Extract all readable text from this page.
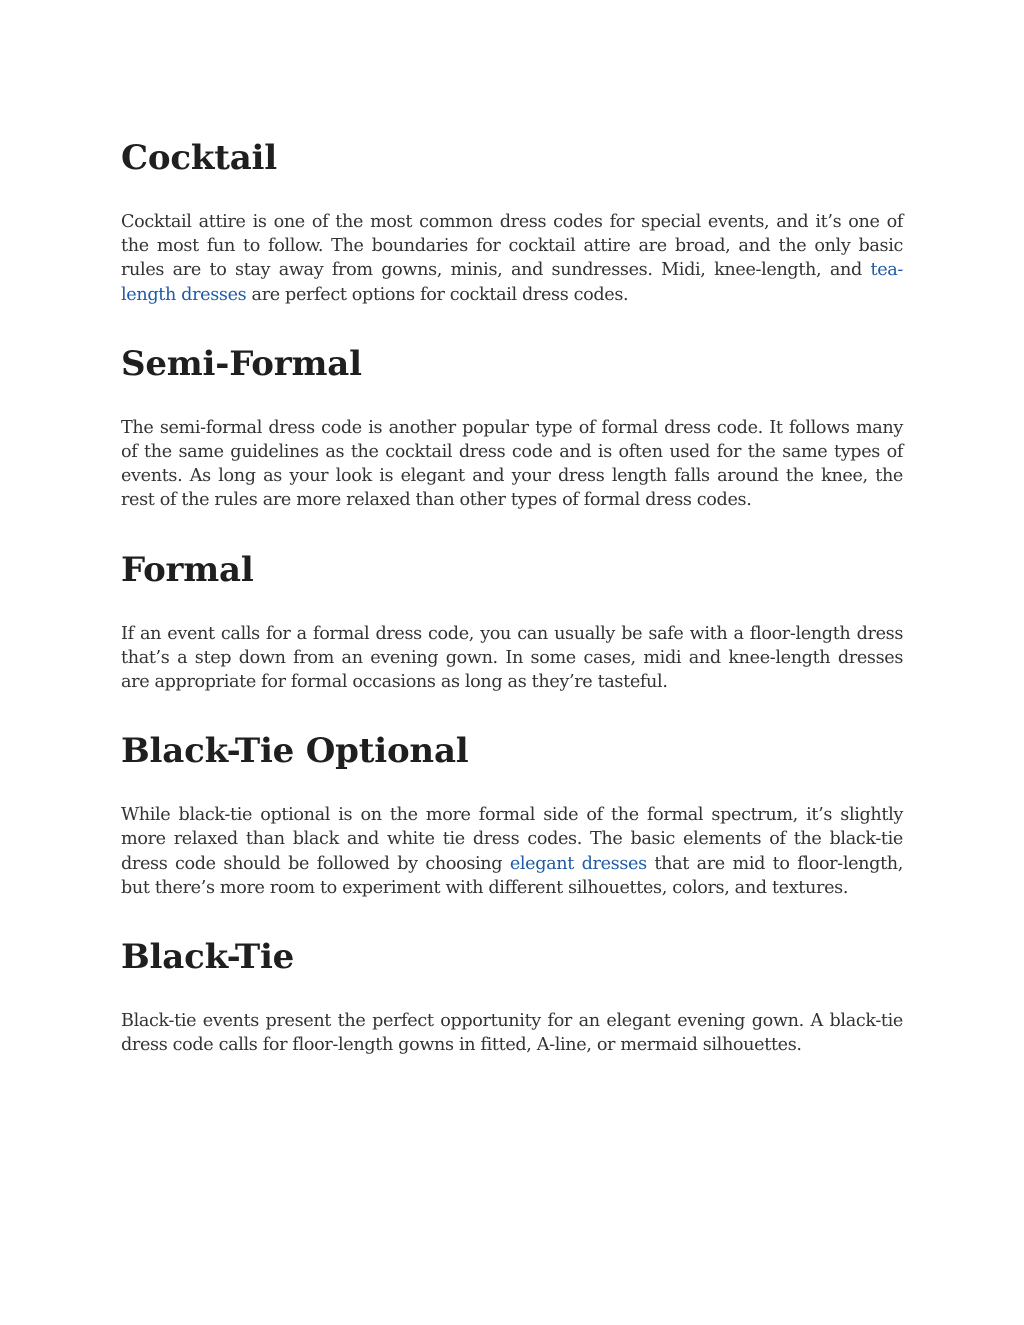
Cocktail

Cocktail attire is one of the most common dress codes for special events, and it’s one of the most fun to follow. The boundaries for cocktail attire are broad, and the only basic rules are to stay away from gowns, minis, and sundresses. Midi, knee-length, and tea-length dresses are perfect options for cocktail dress codes.

Semi-Formal

The semi-formal dress code is another popular type of formal dress code. It follows many of the same guidelines as the cocktail dress code and is often used for the same types of events. As long as your look is elegant and your dress length falls around the knee, the rest of the rules are more relaxed than other types of formal dress codes.

Formal

If an event calls for a formal dress code, you can usually be safe with a floor-length dress that’s a step down from an evening gown. In some cases, midi and knee-length dresses are appropriate for formal occasions as long as they’re tasteful.

Black-Tie Optional

While black-tie optional is on the more formal side of the formal spectrum, it’s slightly more relaxed than black and white tie dress codes. The basic elements of the black-tie dress code should be followed by choosing elegant dresses that are mid to floor-length, but there’s more room to experiment with different silhouettes, colors, and textures.

Black-Tie

Black-tie events present the perfect opportunity for an elegant evening gown. A black-tie dress code calls for floor-length gowns in fitted, A-line, or mermaid silhouettes.
